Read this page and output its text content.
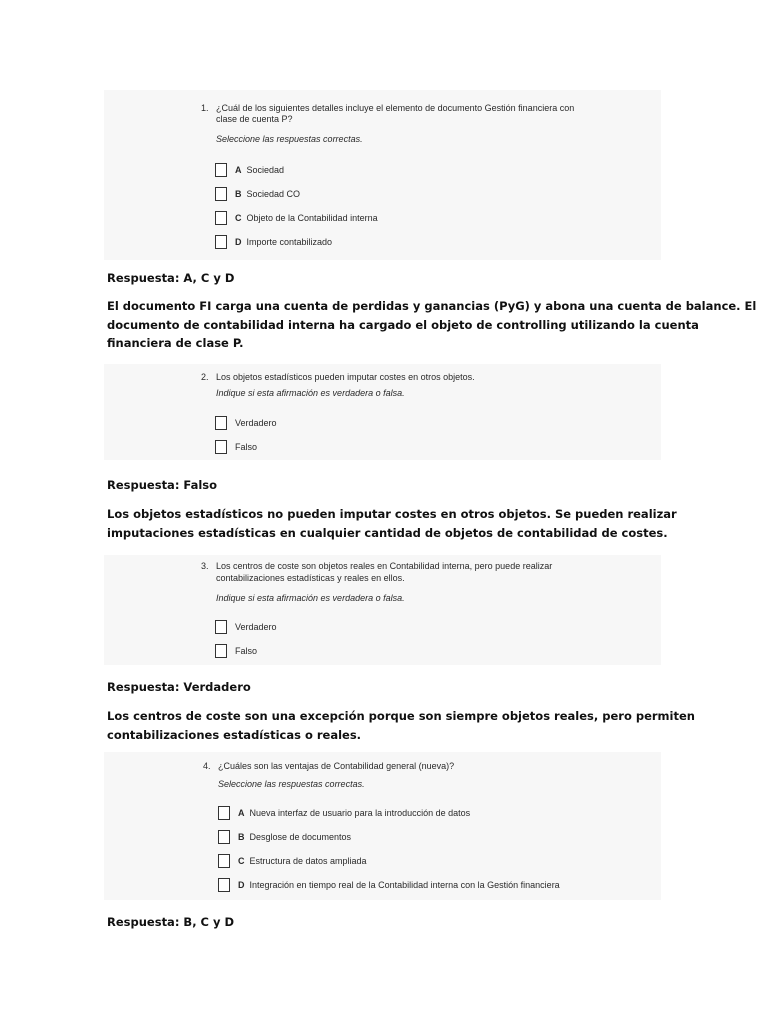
1. ¿Cuál de los siguientes detalles incluye el elemento de documento Gestión financiera con
clase de cuenta P?
Seleccione las respuestas correctas.
A Sociedad
B Sociedad CO
C Objeto de la Contabilidad interna
D Importe contabilizado
Respuesta: A, C y D
El documento FI carga una cuenta de perdidas y ganancias (PyG) y abona una cuenta de balance. El
documento de contabilidad interna ha cargado el objeto de controlling utilizando la cuenta
financiera de clase P.
2. Los objetos estadísticos pueden imputar costes en otros objetos.
Indique si esta afirmación es verdadera o falsa.
Verdadero
Falso
Respuesta: Falso
Los objetos estadísticos no pueden imputar costes en otros objetos. Se pueden realizar
imputaciones estadísticas en cualquier cantidad de objetos de contabilidad de costes.
3. Los centros de coste son objetos reales en Contabilidad interna, pero puede realizar
contabilizaciones estadísticas y reales en ellos.
Indique si esta afirmación es verdadera o falsa.
Verdadero
Falso
Respuesta: Verdadero
Los centros de coste son una excepción porque son siempre objetos reales, pero permiten
contabilizaciones estadísticas o reales.
4. ¿Cuáles son las ventajas de Contabilidad general (nueva)?
Seleccione las respuestas correctas.
A Nueva interfaz de usuario para la introducción de datos
B Desglose de documentos
C Estructura de datos ampliada
D Integración en tiempo real de la Contabilidad interna con la Gestión financiera
Respuesta: B, C y D
